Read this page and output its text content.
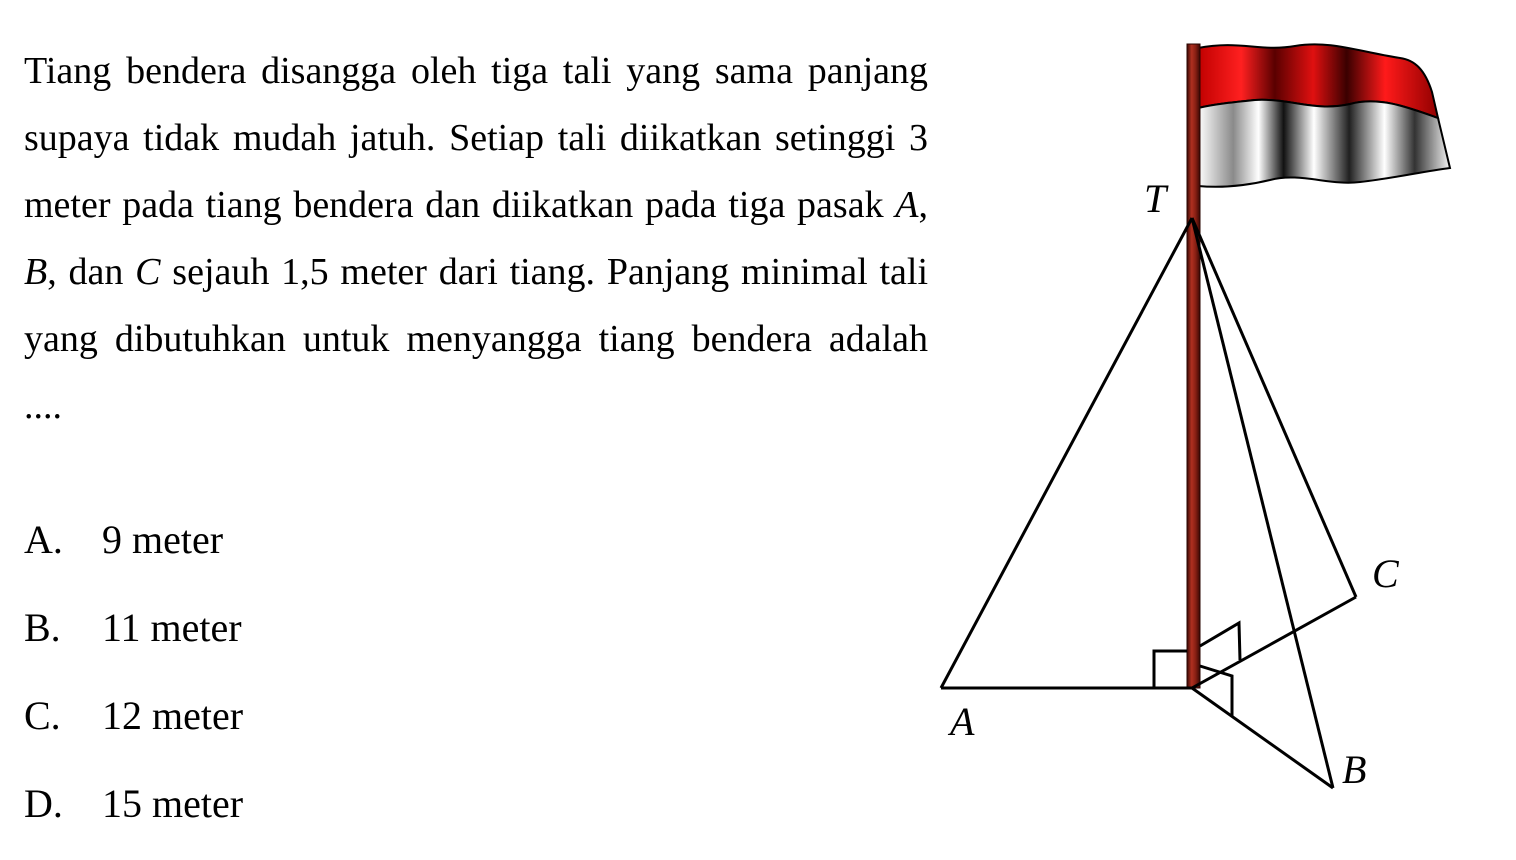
Tiang bendera disangga oleh tiga tali yang sama panjang supaya tidak mudah jatuh. Setiap tali diikatkan setinggi 3 meter pada tiang bendera dan diikatkan pada tiga pasak A, B, dan C sejauh 1,5 meter dari tiang. Panjang minimal tali yang dibutuhkan untuk menyangga tiang bendera adalah ....

A. 9 meter
B.	11 meter
C.	12 meter
D. 15 meter
T
A
B
C
